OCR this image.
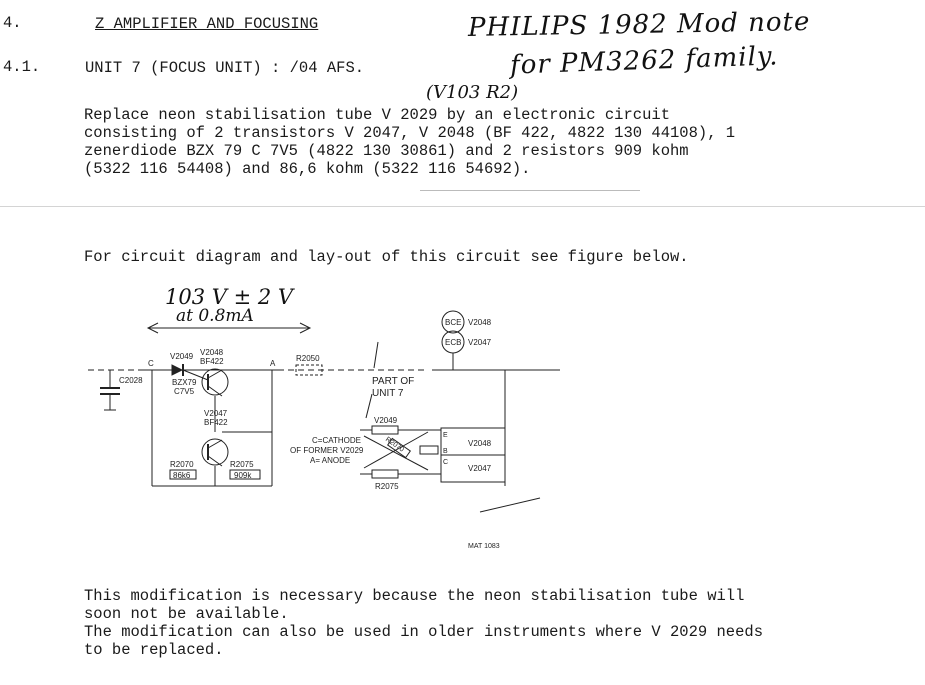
4.	Z AMPLIFIER AND FOCUSING
4.1.	UNIT 7 (FOCUS UNIT) : /04 AFS.
PHILIPS 1982 Mod note
for PM3262 family.
(V103 R2)
Replace neon stabilisation tube V 2029 by an electronic circuit
consisting of 2 transistors V 2047, V 2048 (BF 422, 4822 130 44108), 1
zenerdiode BZX 79 C 7V5 (4822 130 30861) and 2 resistors 909 kohm
(5322 116 54408) and 86,6 kohm (5322 116 54692).
For circuit diagram and lay-out of this circuit see figure below.
103 V ± 2 V
at 0.8mA
C	A
C2028
V2049 V2048
BF422
BZX79
C7V5
V2047
BF422
R2050
R2070
86k6
R2075
909k
PART OF
UNIT 7
BCE
ECB
V2048
V2047
V2049
V2048
V2047
R2075
R2070
E
B
C
C=CATHODE
OF FORMER V2029
A= ANODE
MAT 1083
This modification is necessary because the neon stabilisation tube will
soon not be available.
The modification can also be used in older instruments where V 2029 needs
to be replaced.
